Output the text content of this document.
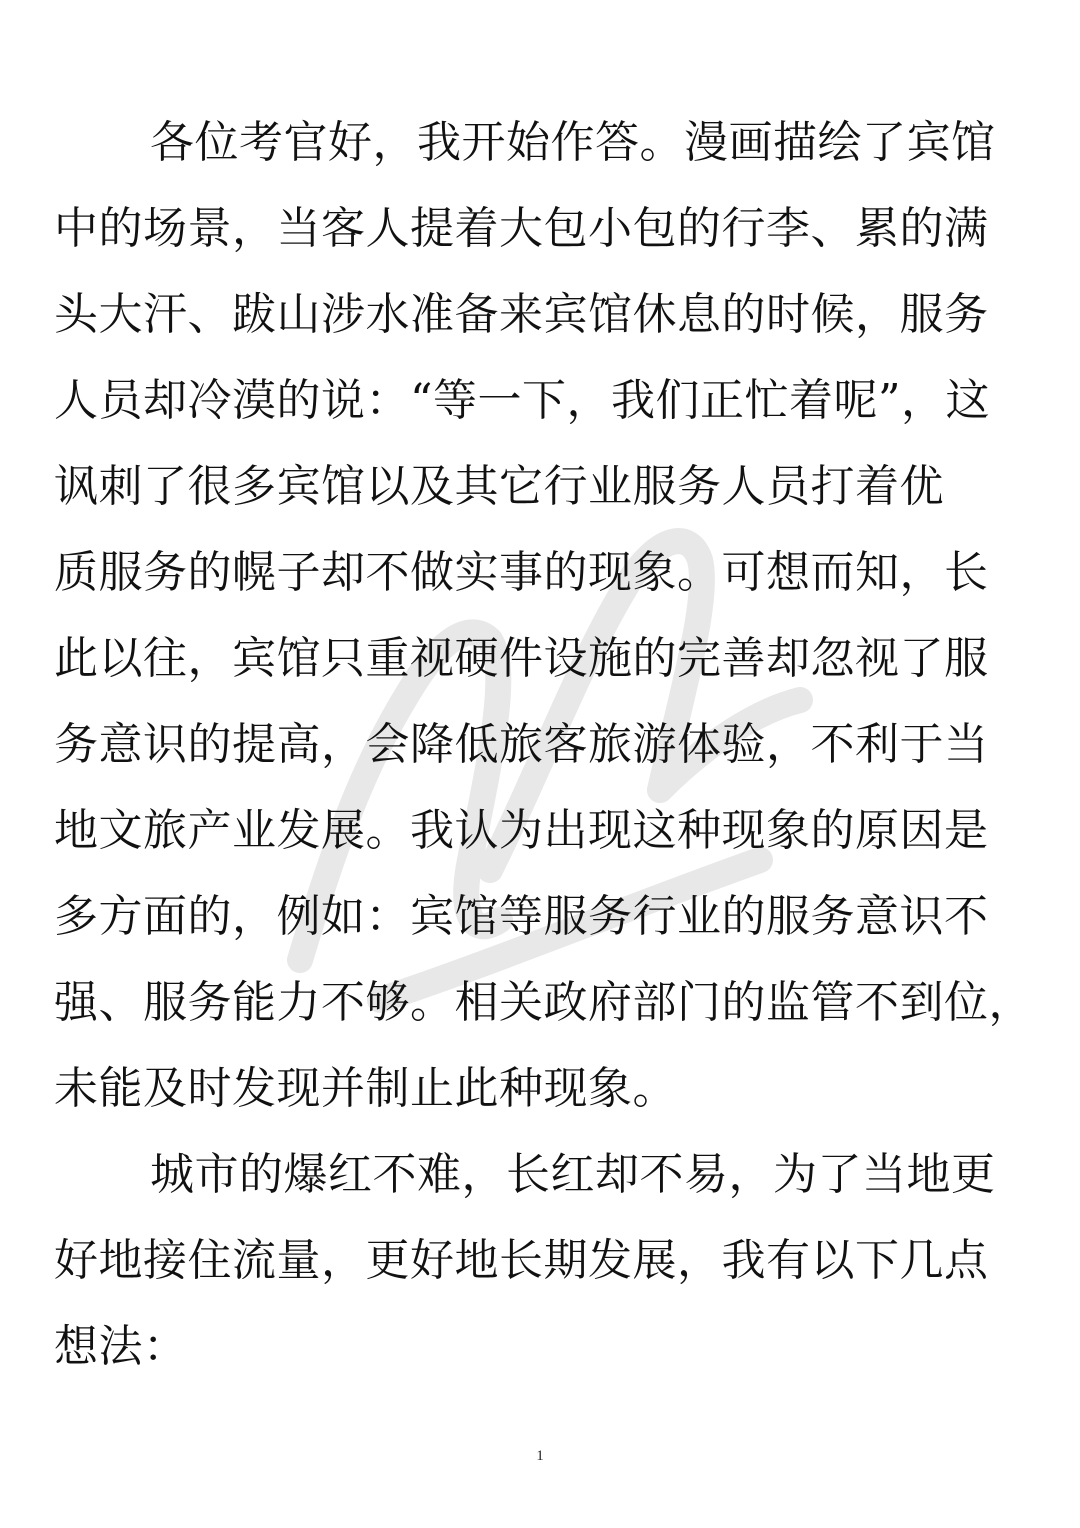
各位考官好，我开始作答。漫画描绘了宾馆
中的场景，当客人提着大包小包的行李、累的满
头大汗、跋山涉水准备来宾馆休息的时候，服务
人员却冷漠的说：“等一下，我们正忙着呢”，这
讽刺了很多宾馆以及其它行业服务人员打着优
质服务的幌子却不做实事的现象。可想而知，长
此以往，宾馆只重视硬件设施的完善却忽视了服
务意识的提高，会降低旅客旅游体验，不利于当
地文旅产业发展。我认为出现这种现象的原因是
多方面的，例如：宾馆等服务行业的服务意识不
强、服务能力不够。相关政府部门的监管不到位，
未能及时发现并制止此种现象。
城市的爆红不难，长红却不易，为了当地更
好地接住流量，更好地长期发展，我有以下几点
想法：
1
